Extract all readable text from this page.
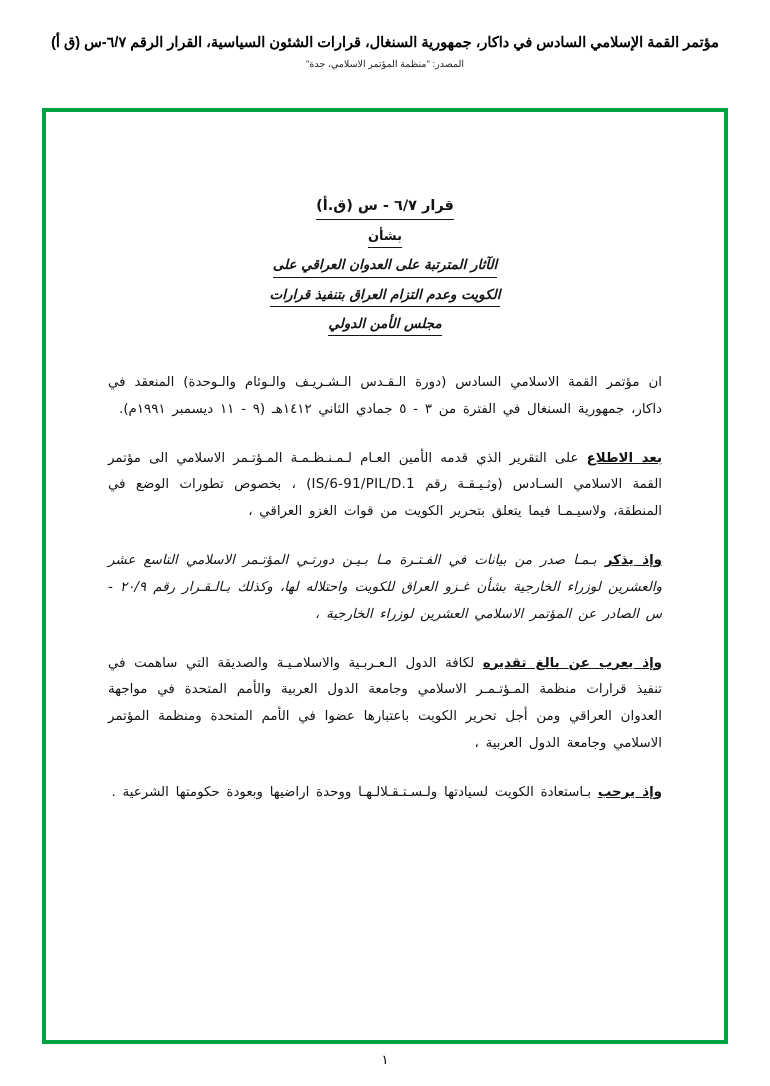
مؤتمر القمة الإسلامي السادس في داكار، جمهورية السنغال، قرارات الشئون السياسية، القرار الرقم ٦/٧-س (ق أ)
المصدر: "منظمة المؤتمر الاسلامي، جدة"
قرار ٦/٧ - س (ق.أ)
بشأن
الآثار المترتبة على العدوان العراقي على
الكويت وعدم التزام العراق بتنفيذ قرارات
مجلس الأمن الدولي

ان مؤتمر القمة الاسلامي السادس (دورة الـقـدس الـشـريـف والـوئام والـوحدة) المنعقد في داكار، جمهورية السنغال في الفترة من ٣ - ٥ جمادي الثاني ١٤١٢هـ (٩ - ١١ ديسمبر ١٩٩١م).

بعد الاطلاع على التقرير الذي قدمه الأمين العـام لـمـنـظـمـة المـؤتـمر الاسلامي الى مؤتمر القمة الاسلامي السـادس (وثـيـقـة رقم IS/6-91/PIL/D.1) ، بخصوص تطورات الوضع في المنطقة، ولاسيـمـا فيما يتعلق بتحرير الكويت من قوات الغزو العراقي ،

وإذ يذكر بـمـا صدر من بيانات في الفـتـرة مـا بـيـن دورتـي المؤتـمر الاسلامي التاسع عشر والعشرين لوزراء الخارجية بشأن غـزو العراق للكويت واحتلاله لها، وكذلك بـالـقـرار رقم ٢٠/٩ - س الصادر عن المؤتمر الاسلامي العشرين لوزراء الخارجية ،

وإذ يعرب عن بالغ تقديره لكافة الدول الـعـربـية والاسلامـيـة والصديقة التي ساهمت في تنفيذ قرارات منظمة المـؤتـمـر الاسلامي وجامعة الدول العربية والأمم المتحدة في مواجهة العدوان العراقي ومن أجل تحرير الكويت باعتبارها عضوا في الأمم المتحدة ومنظمة المؤتمر الاسلامي وجامعة الدول العربية ،

وإذ يرحب بـاستعادة الكويت لسيادتها ولـسـتـقـلالـهـا ووحدة اراضيها وبعودة حكومتها الشرعية .

١
